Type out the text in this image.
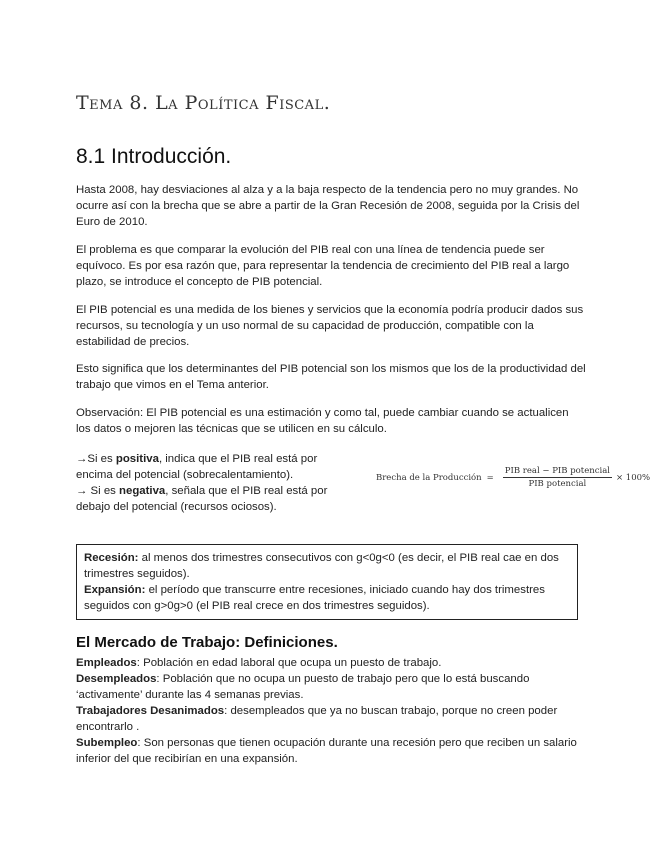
Tema 8. La Política Fiscal.
8.1 Introducción.

Hasta 2008, hay desviaciones al alza y a la baja respecto de la tendencia pero no muy grandes. No ocurre así con la brecha que se abre a partir de la Gran Recesión de 2008, seguida por la Crisis del Euro de 2010.

El problema es que comparar la evolución del PIB real con una línea de tendencia puede ser equívoco. Es por esa razón que, para representar la tendencia de crecimiento del PIB real a largo plazo, se introduce el concepto de PIB potencial.

El PIB potencial es una medida de los bienes y servicios que la economía podría producir dados sus recursos, su tecnología y un uso normal de su capacidad de producción, compatible con la estabilidad de precios.

Esto significa que los determinantes del PIB potencial son los mismos que los de la productividad del trabajo que vimos en el Tema anterior.

Observación: El PIB potencial es una estimación y como tal, puede cambiar cuando se actualicen los datos o mejoren las técnicas que se utilicen en su cálculo.

→Si es positiva, indica que el PIB real está por encima del potencial (sobrecalentamiento).
→ Si es negativa, señala que el PIB real está por debajo del potencial (recursos ociosos).
Brecha de la Producción = $\frac{\text{PIB real − PIB potencial}}{\text{PIB potencial}} \times 100\%$
Recesión: al menos dos trimestres consecutivos con g<0g<0 (es decir, el PIB real cae en dos trimestres seguidos).
Expansión: el período que transcurre entre recesiones, iniciado cuando hay dos trimestres seguidos con g>0g>0 (el PIB real crece en dos trimestres seguidos).
El Mercado de Trabajo: Definiciones.

Empleados: Población en edad laboral que ocupa un puesto de trabajo.

Desempleados: Población que no ocupa un puesto de trabajo pero que lo está buscando ‘activamente’ durante las 4 semanas previas.

Trabajadores Desanimados: desempleados que ya no buscan trabajo, porque no creen poder encontrarlo .

Subempleo: Son personas que tienen ocupación durante una recesión pero que reciben un salario inferior del que recibirían en una expansión.
